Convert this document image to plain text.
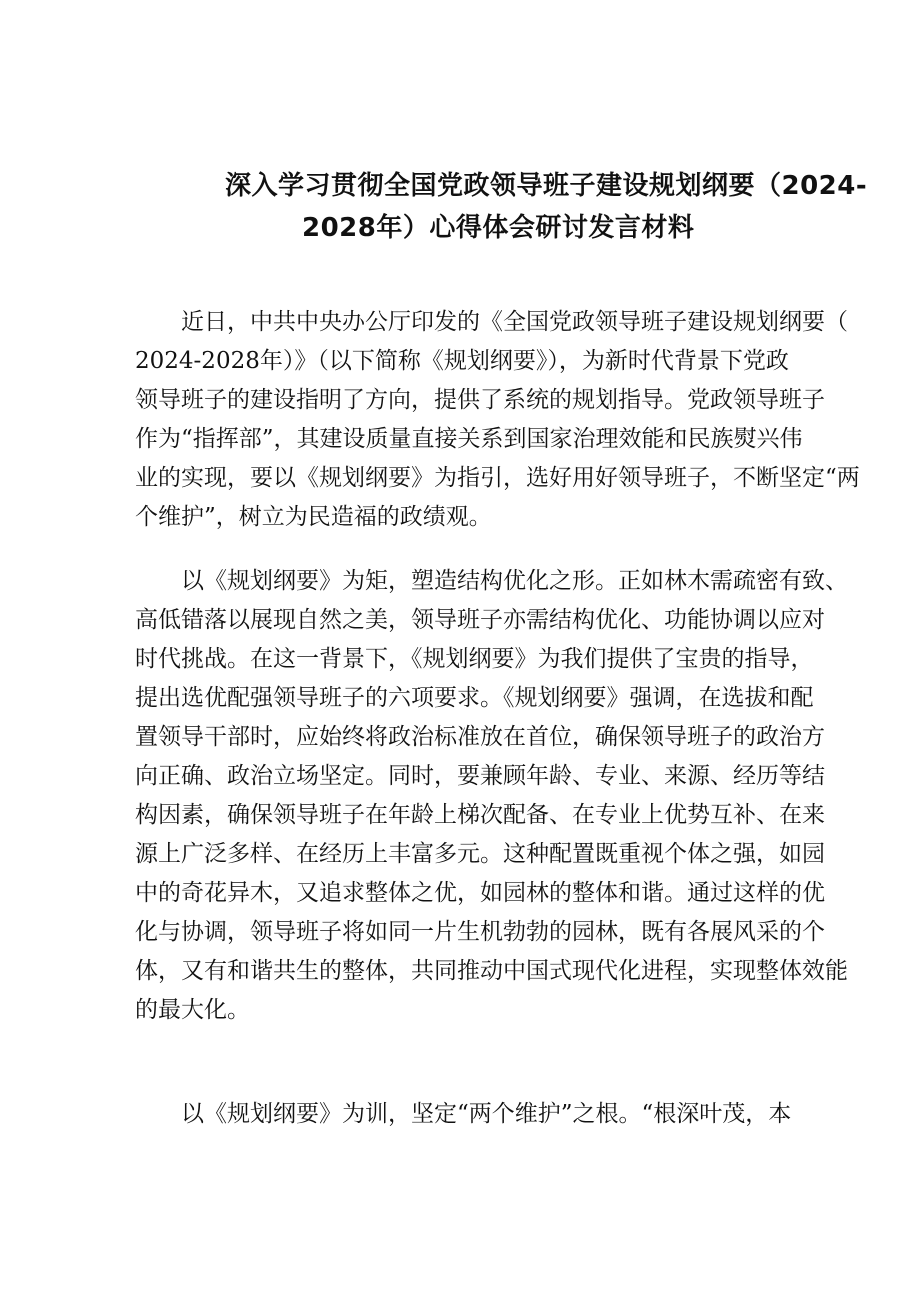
深入学习贯彻全国党政领导班子建设规划纲要（2024-
2028年）心得体会研讨发言材料
　　近日，中共中央办公厅印发的《全国党政领导班子建设规划纲要（
2024-2028年）》（以下简称《规划纲要》），为新时代背景下党政
领导班子的建设指明了方向，提供了系统的规划指导。党政领导班子
作为“指挥部”，其建设质量直接关系到国家治理效能和民族熨兴伟
业的实现，要以《规划纲要》为指引，选好用好领导班子，不断坚定“两
个维护”，树立为民造福的政绩观。
　　以《规划纲要》为矩，塑造结构优化之形。正如林木需疏密有致、
高低错落以展现自然之美，领导班子亦需结构优化、功能协调以应对
时代挑战。在这一背景下，《规划纲要》为我们提供了宝贵的指导，
提出选优配强领导班子的六项要求。《规划纲要》强调，在选拔和配
置领导干部时，应始终将政治标准放在首位，确保领导班子的政治方
向正确、政治立场坚定。同时，要兼顾年龄、专业、来源、经历等结
构因素，确保领导班子在年龄上梯次配备、在专业上优势互补、在来
源上广泛多样、在经历上丰富多元。这种配置既重视个体之强，如园
中的奇花异木，又追求整体之优，如园林的整体和谐。通过这样的优
化与协调，领导班子将如同一片生机勃勃的园林，既有各展风采的个
体，又有和谐共生的整体，共同推动中国式现代化进程，实现整体效能
的最大化。
　　以《规划纲要》为训，坚定“两个维护”之根。“根深叶茂，本
